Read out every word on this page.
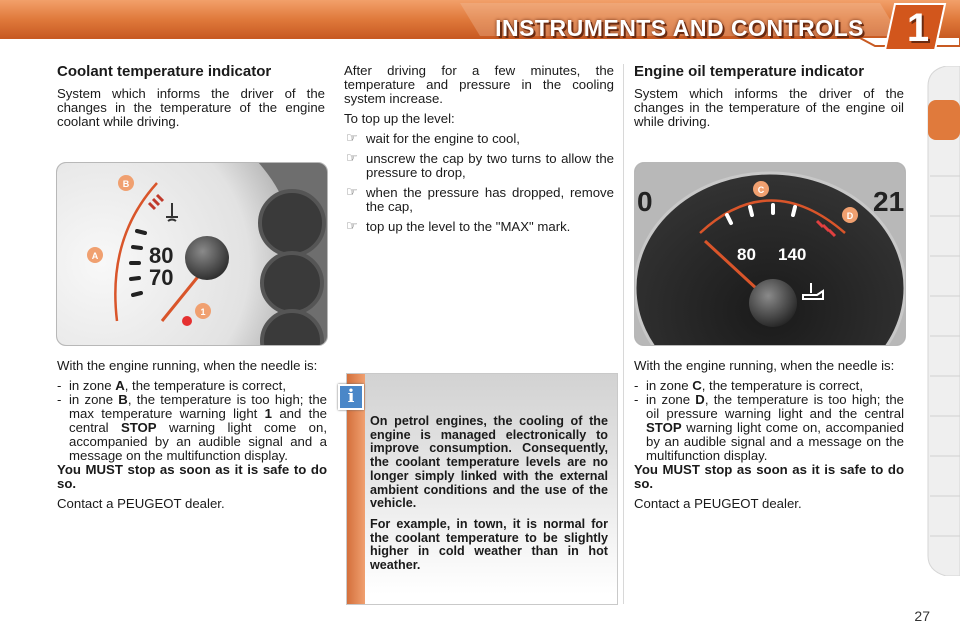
INSTRUMENTS AND CONTROLS 1
Coolant temperature indicator

System which informs the driver of the changes in the temperature of the engine coolant while driving.

80
70
B
A
1

With the engine running, when the needle is:

- in zone A, the temperature is correct,
- in zone B, the temperature is too high; the max temperature warning light 1 and the central STOP warning light come on, accompanied by an audible signal and a message on the multifunction display.

You MUST stop as soon as it is safe to do so.

Contact a PEUGEOT dealer.

After driving for a few minutes, the temperature and pressure in the cooling system increase.

To top up the level:

☞ wait for the engine to cool,
☞ unscrew the cap by two turns to allow the pressure to drop,
☞ when the pressure has dropped, remove the cap,
☞ top up the level to the "MAX" mark.
i

On petrol engines, the cooling of the engine is managed electronically to improve consumption. Consequently, the coolant temperature levels are no longer simply linked with the external ambient conditions and the use of the vehicle.

For example, in town, it is normal for the coolant temperature to be slightly higher in cold weather than in hot weather.

Engine oil temperature indicator

System which informs the driver of the changes in the temperature of the engine oil while driving.

80 140
0	21
C
D

With the engine running, when the needle is:

- in zone C, the temperature is correct,
- in zone D, the temperature is too high; the oil pressure warning light and the central STOP warning light come on, accompanied by an audible signal and a message on the multifunction display.

You MUST stop as soon as it is safe to do so.

Contact a PEUGEOT dealer.

27
